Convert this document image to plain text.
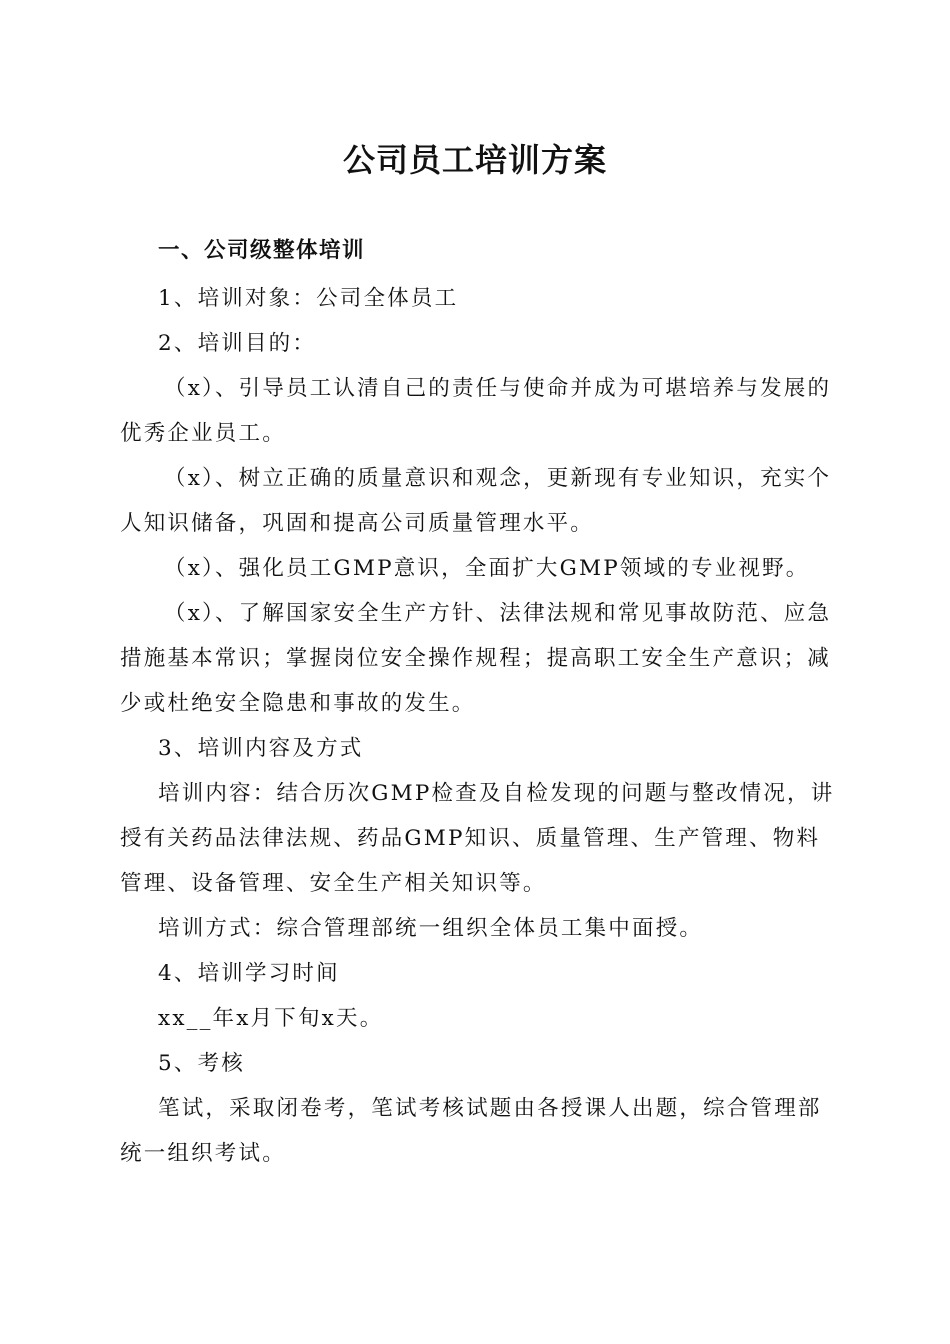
公司员工培训方案

一、公司级整体培训

1、培训对象：公司全体员工

2、培训目的：

（x）、引导员工认清自己的责任与使命并成为可堪培养与发展的优秀企业员工。

（x）、树立正确的质量意识和观念，更新现有专业知识，充实个人知识储备，巩固和提高公司质量管理水平。

（x）、强化员工GMP意识，全面扩大GMP领域的专业视野。

（x）、了解国家安全生产方针、法律法规和常见事故防范、应急措施基本常识；掌握岗位安全操作规程；提高职工安全生产意识；减少或杜绝安全隐患和事故的发生。

3、培训内容及方式

培训内容：结合历次GMP检查及自检发现的问题与整改情况，讲授有关药品法律法规、药品GMP知识、质量管理、生产管理、物料管理、设备管理、安全生产相关知识等。

培训方式：综合管理部统一组织全体员工集中面授。

4、培训学习时间

xx__年x月下旬x天。

5、考核

笔试，采取闭卷考，笔试考核试题由各授课人出题，综合管理部统一组织考试。
